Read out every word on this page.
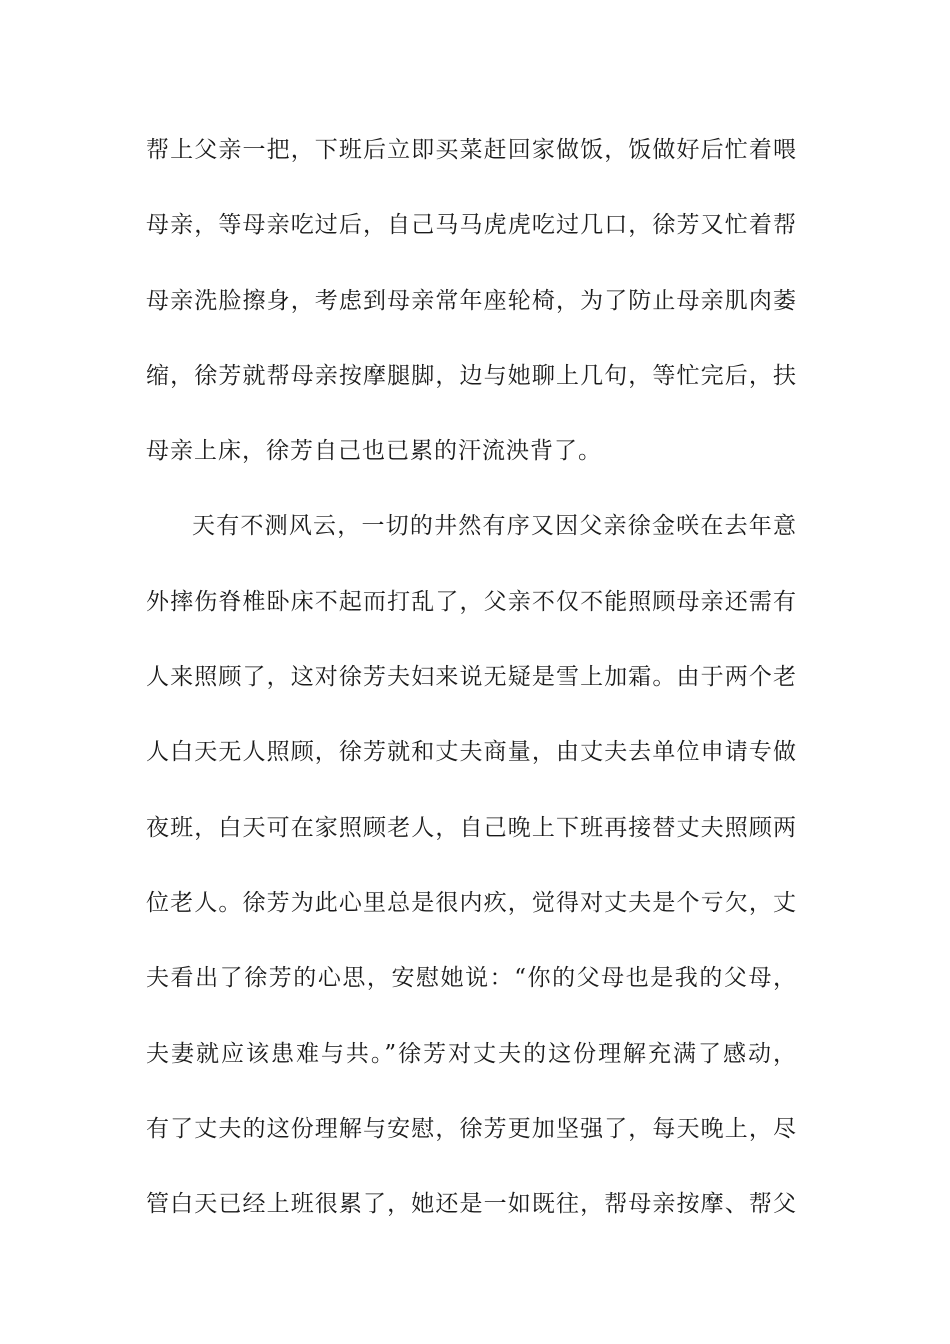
帮上父亲一把，下班后立即买菜赶回家做饭，饭做好后忙着喂
母亲，等母亲吃过后，自己马马虎虎吃过几口，徐芳又忙着帮
母亲洗脸擦身，考虑到母亲常年座轮椅，为了防止母亲肌肉萎
缩，徐芳就帮母亲按摩腿脚，边与她聊上几句，等忙完后，扶
母亲上床，徐芳自己也已累的汗流泱背了。
天有不测风云，一切的井然有序又因父亲徐金咲在去年意
外摔伤脊椎卧床不起而打乱了，父亲不仅不能照顾母亲还需有
人来照顾了，这对徐芳夫妇来说无疑是雪上加霜。由于两个老
人白天无人照顾，徐芳就和丈夫商量，由丈夫去单位申请专做
夜班，白天可在家照顾老人，自己晚上下班再接替丈夫照顾两
位老人。徐芳为此心里总是很内疚，觉得对丈夫是个亏欠，丈
夫看出了徐芳的心思，安慰她说：“你的父母也是我的父母，
夫妻就应该患难与共。”徐芳对丈夫的这份理解充满了感动，
有了丈夫的这份理解与安慰，徐芳更加坚强了，每天晚上，尽
管白天已经上班很累了，她还是一如既往，帮母亲按摩、帮父
